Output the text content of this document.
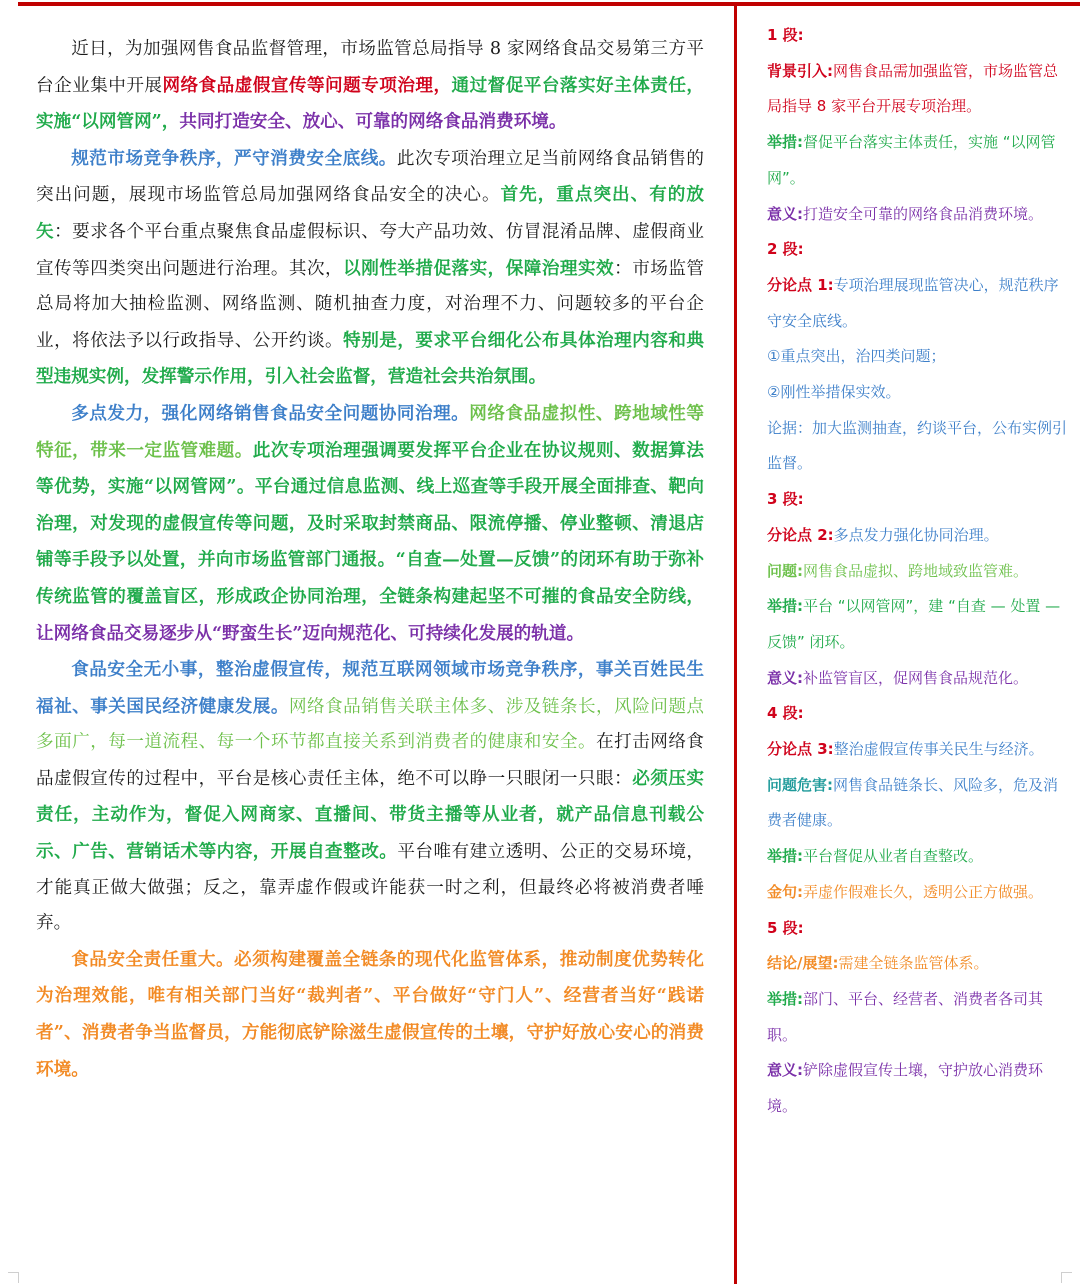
近日，为加强网售食品监督管理，市场监管总局指导 8 家网络食品交易第三方平台企业集中开展网络食品虚假宣传等问题专项治理，通过督促平台落实好主体责任，实施“以网管网”，共同打造安全、放心、可靠的网络食品消费环境。

规范市场竞争秩序，严守消费安全底线。此次专项治理立足当前网络食品销售的突出问题，展现市场监管总局加强网络食品安全的决心。首先，重点突出、有的放矢：要求各个平台重点聚焦食品虚假标识、夸大产品功效、仿冒混淆品牌、虚假商业宣传等四类突出问题进行治理。其次，以刚性举措促落实，保障治理实效：市场监管总局将加大抽检监测、网络监测、随机抽查力度，对治理不力、问题较多的平台企业，将依法予以行政指导、公开约谈。特别是，要求平台细化公布具体治理内容和典型违规实例，发挥警示作用，引入社会监督，营造社会共治氛围。

多点发力，强化网络销售食品安全问题协同治理。网络食品虚拟性、跨地域性等特征，带来一定监管难题。此次专项治理强调要发挥平台企业在协议规则、数据算法等优势，实施“以网管网”。平台通过信息监测、线上巡查等手段开展全面排查、靶向治理，对发现的虚假宣传等问题，及时采取封禁商品、限流停播、停业整顿、清退店铺等手段予以处置，并向市场监管部门通报。“自查—处置—反馈”的闭环有助于弥补传统监管的覆盖盲区，形成政企协同治理，全链条构建起坚不可摧的食品安全防线，让网络食品交易逐步从“野蛮生长”迈向规范化、可持续化发展的轨道。

食品安全无小事，整治虚假宣传，规范互联网领域市场竞争秩序，事关百姓民生福祉、事关国民经济健康发展。网络食品销售关联主体多、涉及链条长，风险问题点多面广，每一道流程、每一个环节都直接关系到消费者的健康和安全。在打击网络食品虚假宣传的过程中，平台是核心责任主体，绝不可以睁一只眼闭一只眼：必须压实责任，主动作为，督促入网商家、直播间、带货主播等从业者，就产品信息刊载公示、广告、营销话术等内容，开展自查整改。平台唯有建立透明、公正的交易环境，才能真正做大做强；反之，靠弄虚作假或许能获一时之利，但最终必将被消费者唾弃。

食品安全责任重大。必须构建覆盖全链条的现代化监管体系，推动制度优势转化为治理效能，唯有相关部门当好“裁判者”、平台做好“守门人”、经营者当好“践诺者”、消费者争当监督员，方能彻底铲除滋生虚假宣传的土壤，守护好放心安心的消费环境。

1 段:
背景引入:网售食品需加强监管，市场监管总局指导 8 家平台开展专项治理。
举措:督促平台落实主体责任，实施 “以网管网”。
意义:打造安全可靠的网络食品消费环境。
2 段:
分论点 1:专项治理展现监管决心，规范秩序守安全底线。
①重点突出，治四类问题；
②刚性举措保实效。
论据：加大监测抽查，约谈平台，公布实例引监督。
3 段:
分论点 2:多点发力强化协同治理。
问题:网售食品虚拟、跨地域致监管难。
举措:平台 “以网管网”，建 “自查 — 处置 — 反馈” 闭环。
意义:补监管盲区，促网售食品规范化。
4 段:
分论点 3:整治虚假宣传事关民生与经济。
问题危害:网售食品链条长、风险多，危及消费者健康。
举措:平台督促从业者自查整改。
金句:弄虚作假难长久，透明公正方做强。
5 段:
结论/展望:需建全链条监管体系。
举措:部门、平台、经营者、消费者各司其职。
意义:铲除虚假宣传土壤，守护放心消费环境。
